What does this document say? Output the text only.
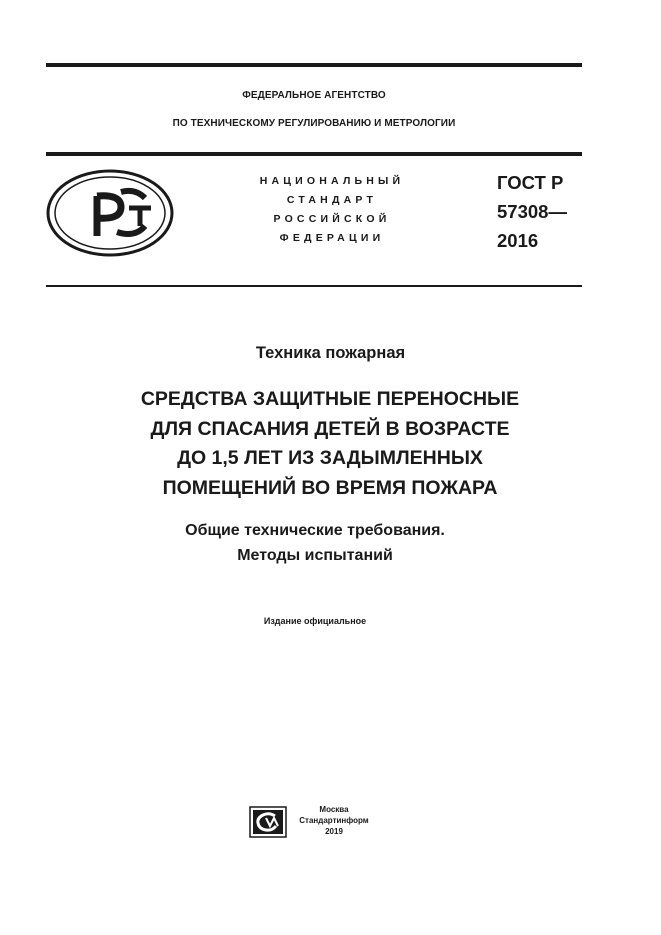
ФЕДЕРАЛЬНОЕ АГЕНТСТВО
ПО ТЕХНИЧЕСКОМУ РЕГУЛИРОВАНИЮ И МЕТРОЛОГИИ
НАЦИОНАЛЬНЫЙ
СТАНДАРТ
РОССИЙСКОЙ
ФЕДЕРАЦИИ
ГОСТ Р
57308—
2016
Техника пожарная
СРЕДСТВА ЗАЩИТНЫЕ ПЕРЕНОСНЫЕ
ДЛЯ СПАСАНИЯ ДЕТЕЙ В ВОЗРАСТЕ
ДО 1,5 ЛЕТ ИЗ ЗАДЫМЛЕННЫХ
ПОМЕЩЕНИЙ ВО ВРЕМЯ ПОЖАРА
Общие технические требования.
Методы испытаний
Издание официальное
Москва
Стандартинформ
2019
